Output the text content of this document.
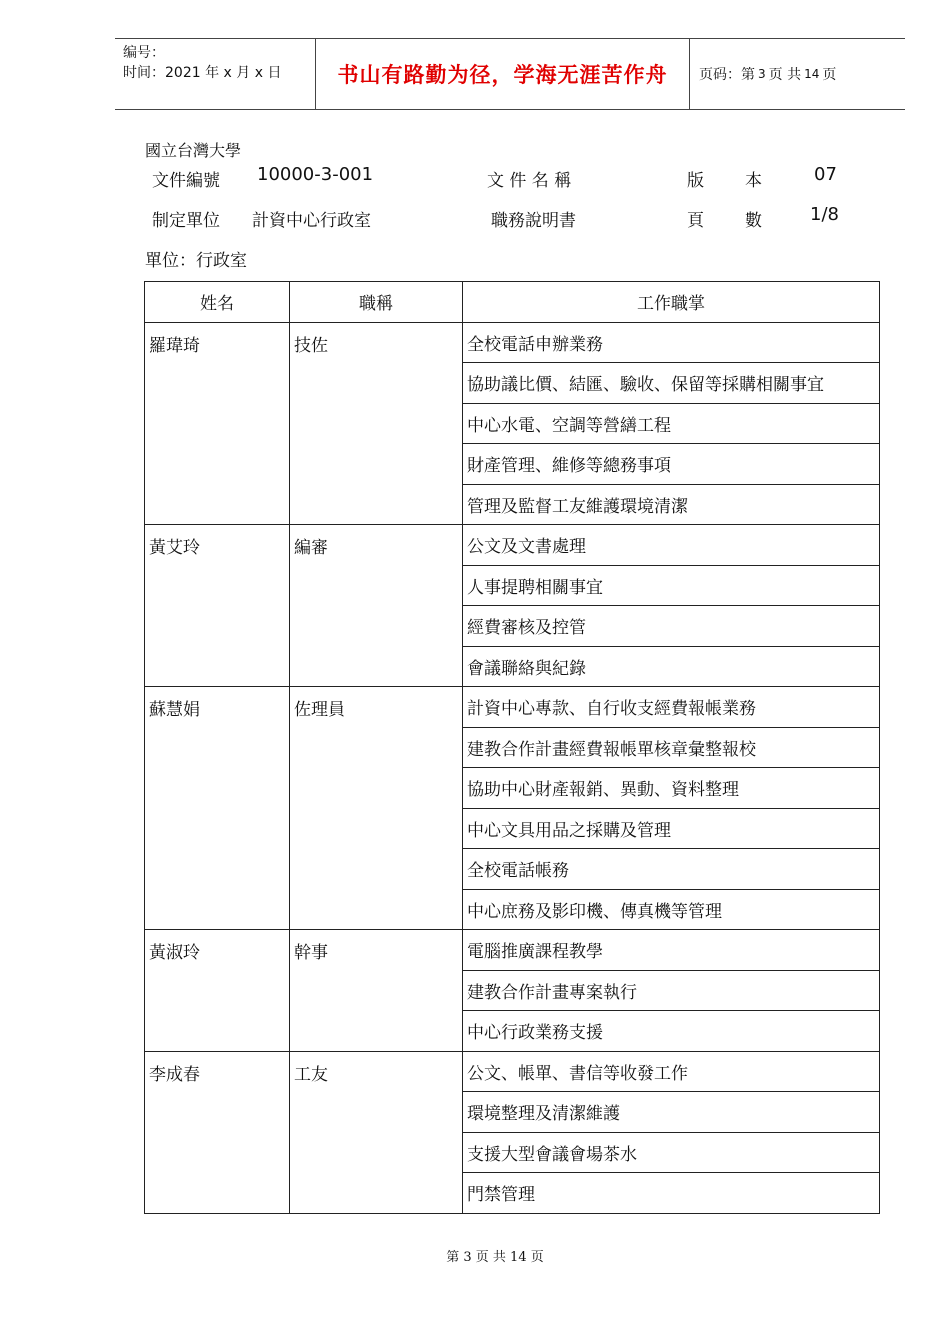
编号：
时间：2021 年 x 月 x 日	书山有路勤为径，学海无涯苦作舟	页码：第 3 页 共 14 页
國立台灣大學
文件編號 10000-3-001	文 件 名 稱	版 本	07
制定單位 計資中心行政室	職務說明書	頁 數	1/8
單位：行政室
姓名	職稱	工作職掌
羅瑋琦	技佐	全校電話申辦業務
		協助議比價、結匯、驗收、保留等採購相關事宜
		中心水電、空調等營繕工程
		財產管理、維修等總務事項
		管理及監督工友維護環境清潔
黃艾玲	編審	公文及文書處理
		人事提聘相關事宜
		經費審核及控管
		會議聯絡與紀錄
蘇慧娟	佐理員	計資中心專款、自行收支經費報帳業務
		建教合作計畫經費報帳單核章彙整報校
		協助中心財產報銷、異動、資料整理
		中心文具用品之採購及管理
		全校電話帳務
		中心庶務及影印機、傳真機等管理
黃淑玲	幹事	電腦推廣課程教學
		建教合作計畫專案執行
		中心行政業務支援
李成春	工友	公文、帳單、書信等收發工作
		環境整理及清潔維護
		支援大型會議會場茶水
		門禁管理
第 3 页 共 14 页
